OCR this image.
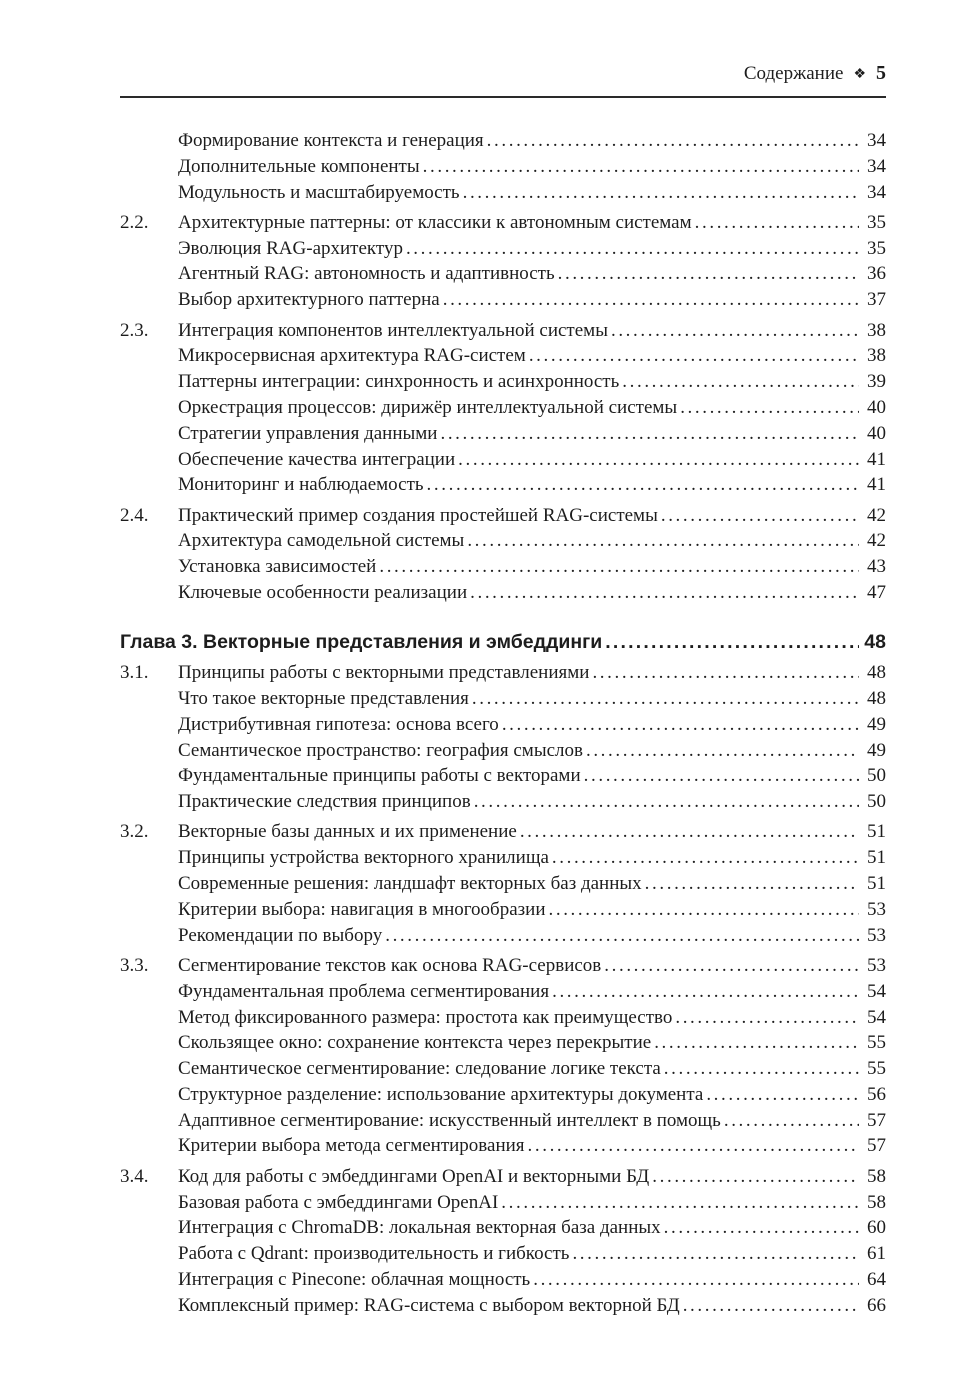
Содержание ❖ 5
Формирование контекста и генерация .....	34
Дополнительные компоненты .....	34
Модульность и масштабируемость .....	34
2.2.	Архитектурные паттерны: от классики к автономным системам .....	35
Эволюция RAG-архитектур .....	35
Агентный RAG: автономность и адаптивность .....	36
Выбор архитектурного паттерна .....	37
2.3.	Интеграция компонентов интеллектуальной системы .....	38
Микросервисная архитектура RAG-систем .....	38
Паттерны интеграции: синхронность и асинхронность .....	39
Оркестрация процессов: дирижёр интеллектуальной системы .....	40
Стратегии управления данными .....	40
Обеспечение качества интеграции .....	41
Мониторинг и наблюдаемость .....	41
2.4.	Практический пример создания простейшей RAG-системы .....	42
Архитектура самодельной системы .....	42
Установка зависимостей .....	43
Ключевые особенности реализации .....	47
Глава 3. Векторные представления и эмбеддинги .....	48
3.1.	Принципы работы с векторными представлениями .....	48
Что такое векторные представления .....	48
Дистрибутивная гипотеза: основа всего .....	49
Семантическое пространство: география смыслов .....	49
Фундаментальные принципы работы с векторами .....	50
Практические следствия принципов .....	50
3.2.	Векторные базы данных и их применение .....	51
Принципы устройства векторного хранилища .....	51
Современные решения: ландшафт векторных баз данных .....	51
Критерии выбора: навигация в многообразии .....	53
Рекомендации по выбору .....	53
3.3.	Сегментирование текстов как основа RAG-сервисов .....	53
Фундаментальная проблема сегментирования .....	54
Метод фиксированного размера: простота как преимущество .....	54
Скользящее окно: сохранение контекста через перекрытие .....	55
Семантическое сегментирование: следование логике текста .....	55
Структурное разделение: использование архитектуры документа .....	56
Адаптивное сегментирование: искусственный интеллект в помощь .....	57
Критерии выбора метода сегментирования .....	57
3.4.	Код для работы с эмбеддингами OpenAI и векторными БД .....	58
Базовая работа с эмбеддингами OpenAI .....	58
Интеграция с ChromaDB: локальная векторная база данных .....	60
Работа с Qdrant: производительность и гибкость .....	61
Интеграция с Pinecone: облачная мощность .....	64
Комплексный пример: RAG-система с выбором векторной БД .....	66
